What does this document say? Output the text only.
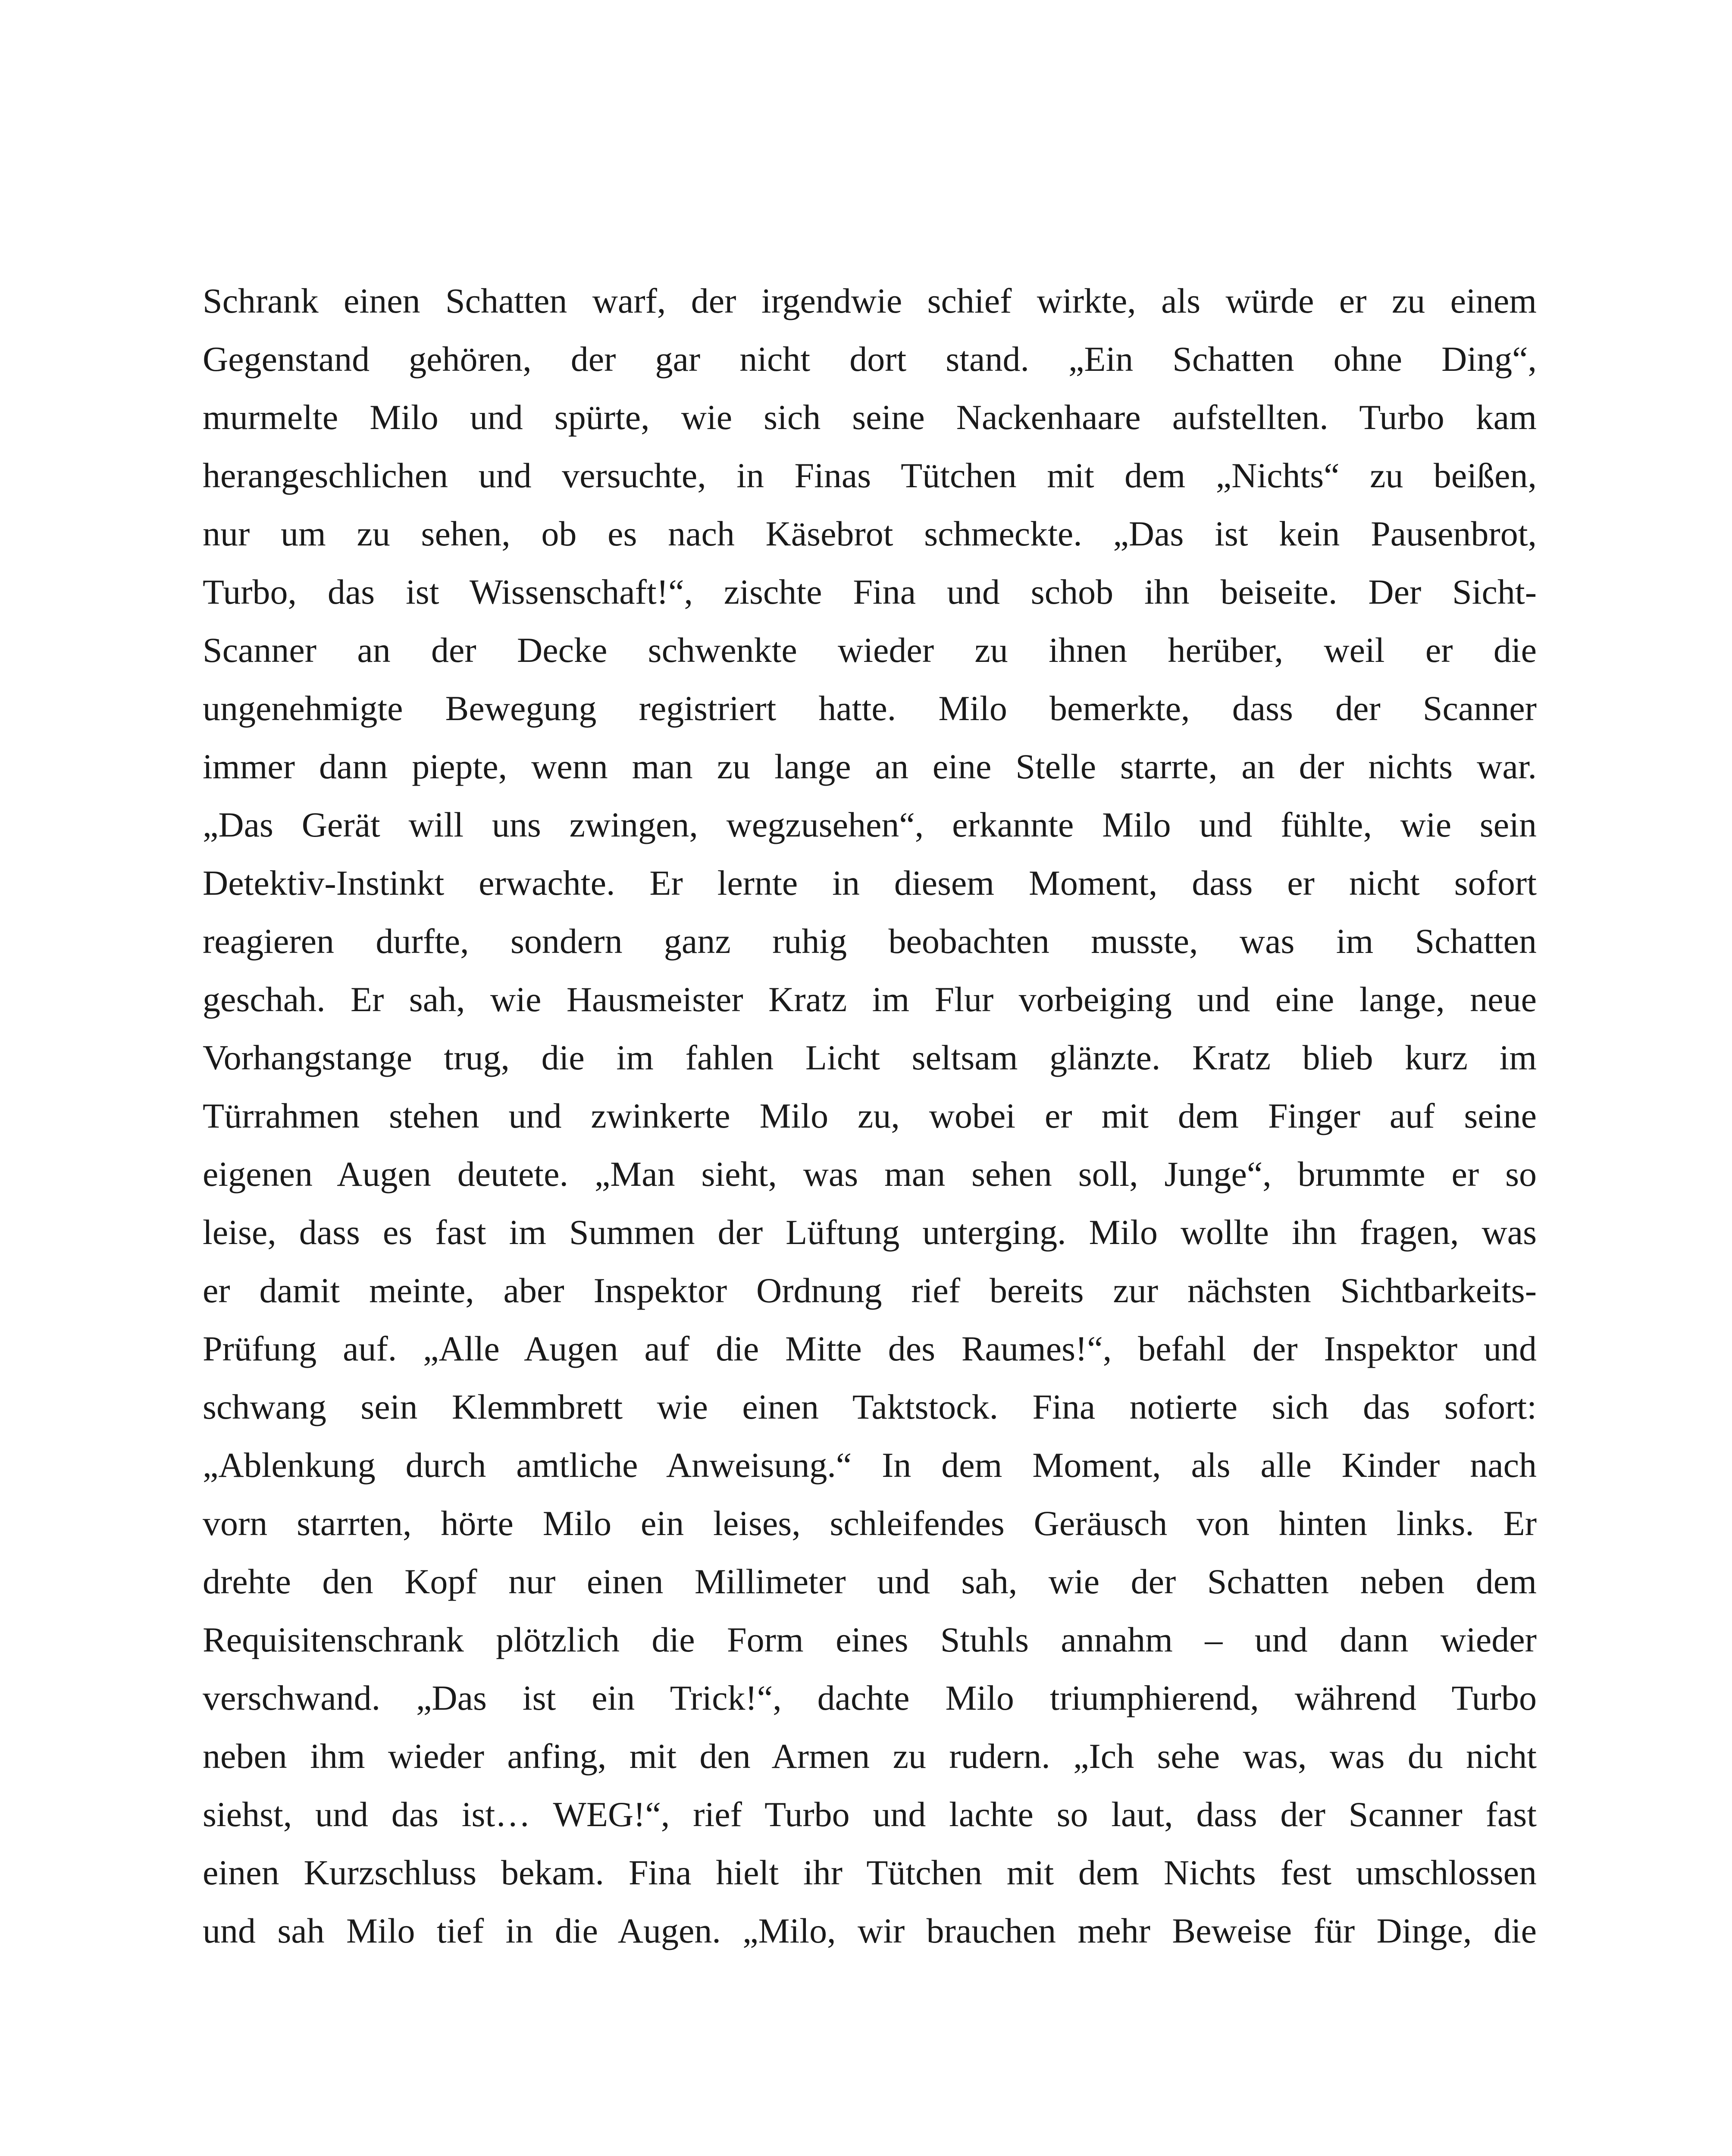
Schrank einen Schatten warf, der irgendwie schief wirkte, als würde er zu einem
Gegenstand gehören, der gar nicht dort stand. „Ein Schatten ohne Ding“,
murmelte Milo und spürte, wie sich seine Nackenhaare aufstellten. Turbo kam
herangeschlichen und versuchte, in Finas Tütchen mit dem „Nichts“ zu beißen,
nur um zu sehen, ob es nach Käsebrot schmeckte. „Das ist kein Pausenbrot,
Turbo, das ist Wissenschaft!“, zischte Fina und schob ihn beiseite. Der Sicht-
Scanner an der Decke schwenkte wieder zu ihnen herüber, weil er die
ungenehmigte Bewegung registriert hatte. Milo bemerkte, dass der Scanner
immer dann piepte, wenn man zu lange an eine Stelle starrte, an der nichts war.
„Das Gerät will uns zwingen, wegzusehen“, erkannte Milo und fühlte, wie sein
Detektiv-Instinkt erwachte. Er lernte in diesem Moment, dass er nicht sofort
reagieren durfte, sondern ganz ruhig beobachten musste, was im Schatten
geschah. Er sah, wie Hausmeister Kratz im Flur vorbeiging und eine lange, neue
Vorhangstange trug, die im fahlen Licht seltsam glänzte. Kratz blieb kurz im
Türrahmen stehen und zwinkerte Milo zu, wobei er mit dem Finger auf seine
eigenen Augen deutete. „Man sieht, was man sehen soll, Junge“, brummte er so
leise, dass es fast im Summen der Lüftung unterging. Milo wollte ihn fragen, was
er damit meinte, aber Inspektor Ordnung rief bereits zur nächsten Sichtbarkeits-
Prüfung auf. „Alle Augen auf die Mitte des Raumes!“, befahl der Inspektor und
schwang sein Klemmbrett wie einen Taktstock. Fina notierte sich das sofort:
„Ablenkung durch amtliche Anweisung.“ In dem Moment, als alle Kinder nach
vorn starrten, hörte Milo ein leises, schleifendes Geräusch von hinten links. Er
drehte den Kopf nur einen Millimeter und sah, wie der Schatten neben dem
Requisitenschrank plötzlich die Form eines Stuhls annahm – und dann wieder
verschwand. „Das ist ein Trick!“, dachte Milo triumphierend, während Turbo
neben ihm wieder anfing, mit den Armen zu rudern. „Ich sehe was, was du nicht
siehst, und das ist… WEG!“, rief Turbo und lachte so laut, dass der Scanner fast
einen Kurzschluss bekam. Fina hielt ihr Tütchen mit dem Nichts fest umschlossen
und sah Milo tief in die Augen. „Milo, wir brauchen mehr Beweise für Dinge, die
